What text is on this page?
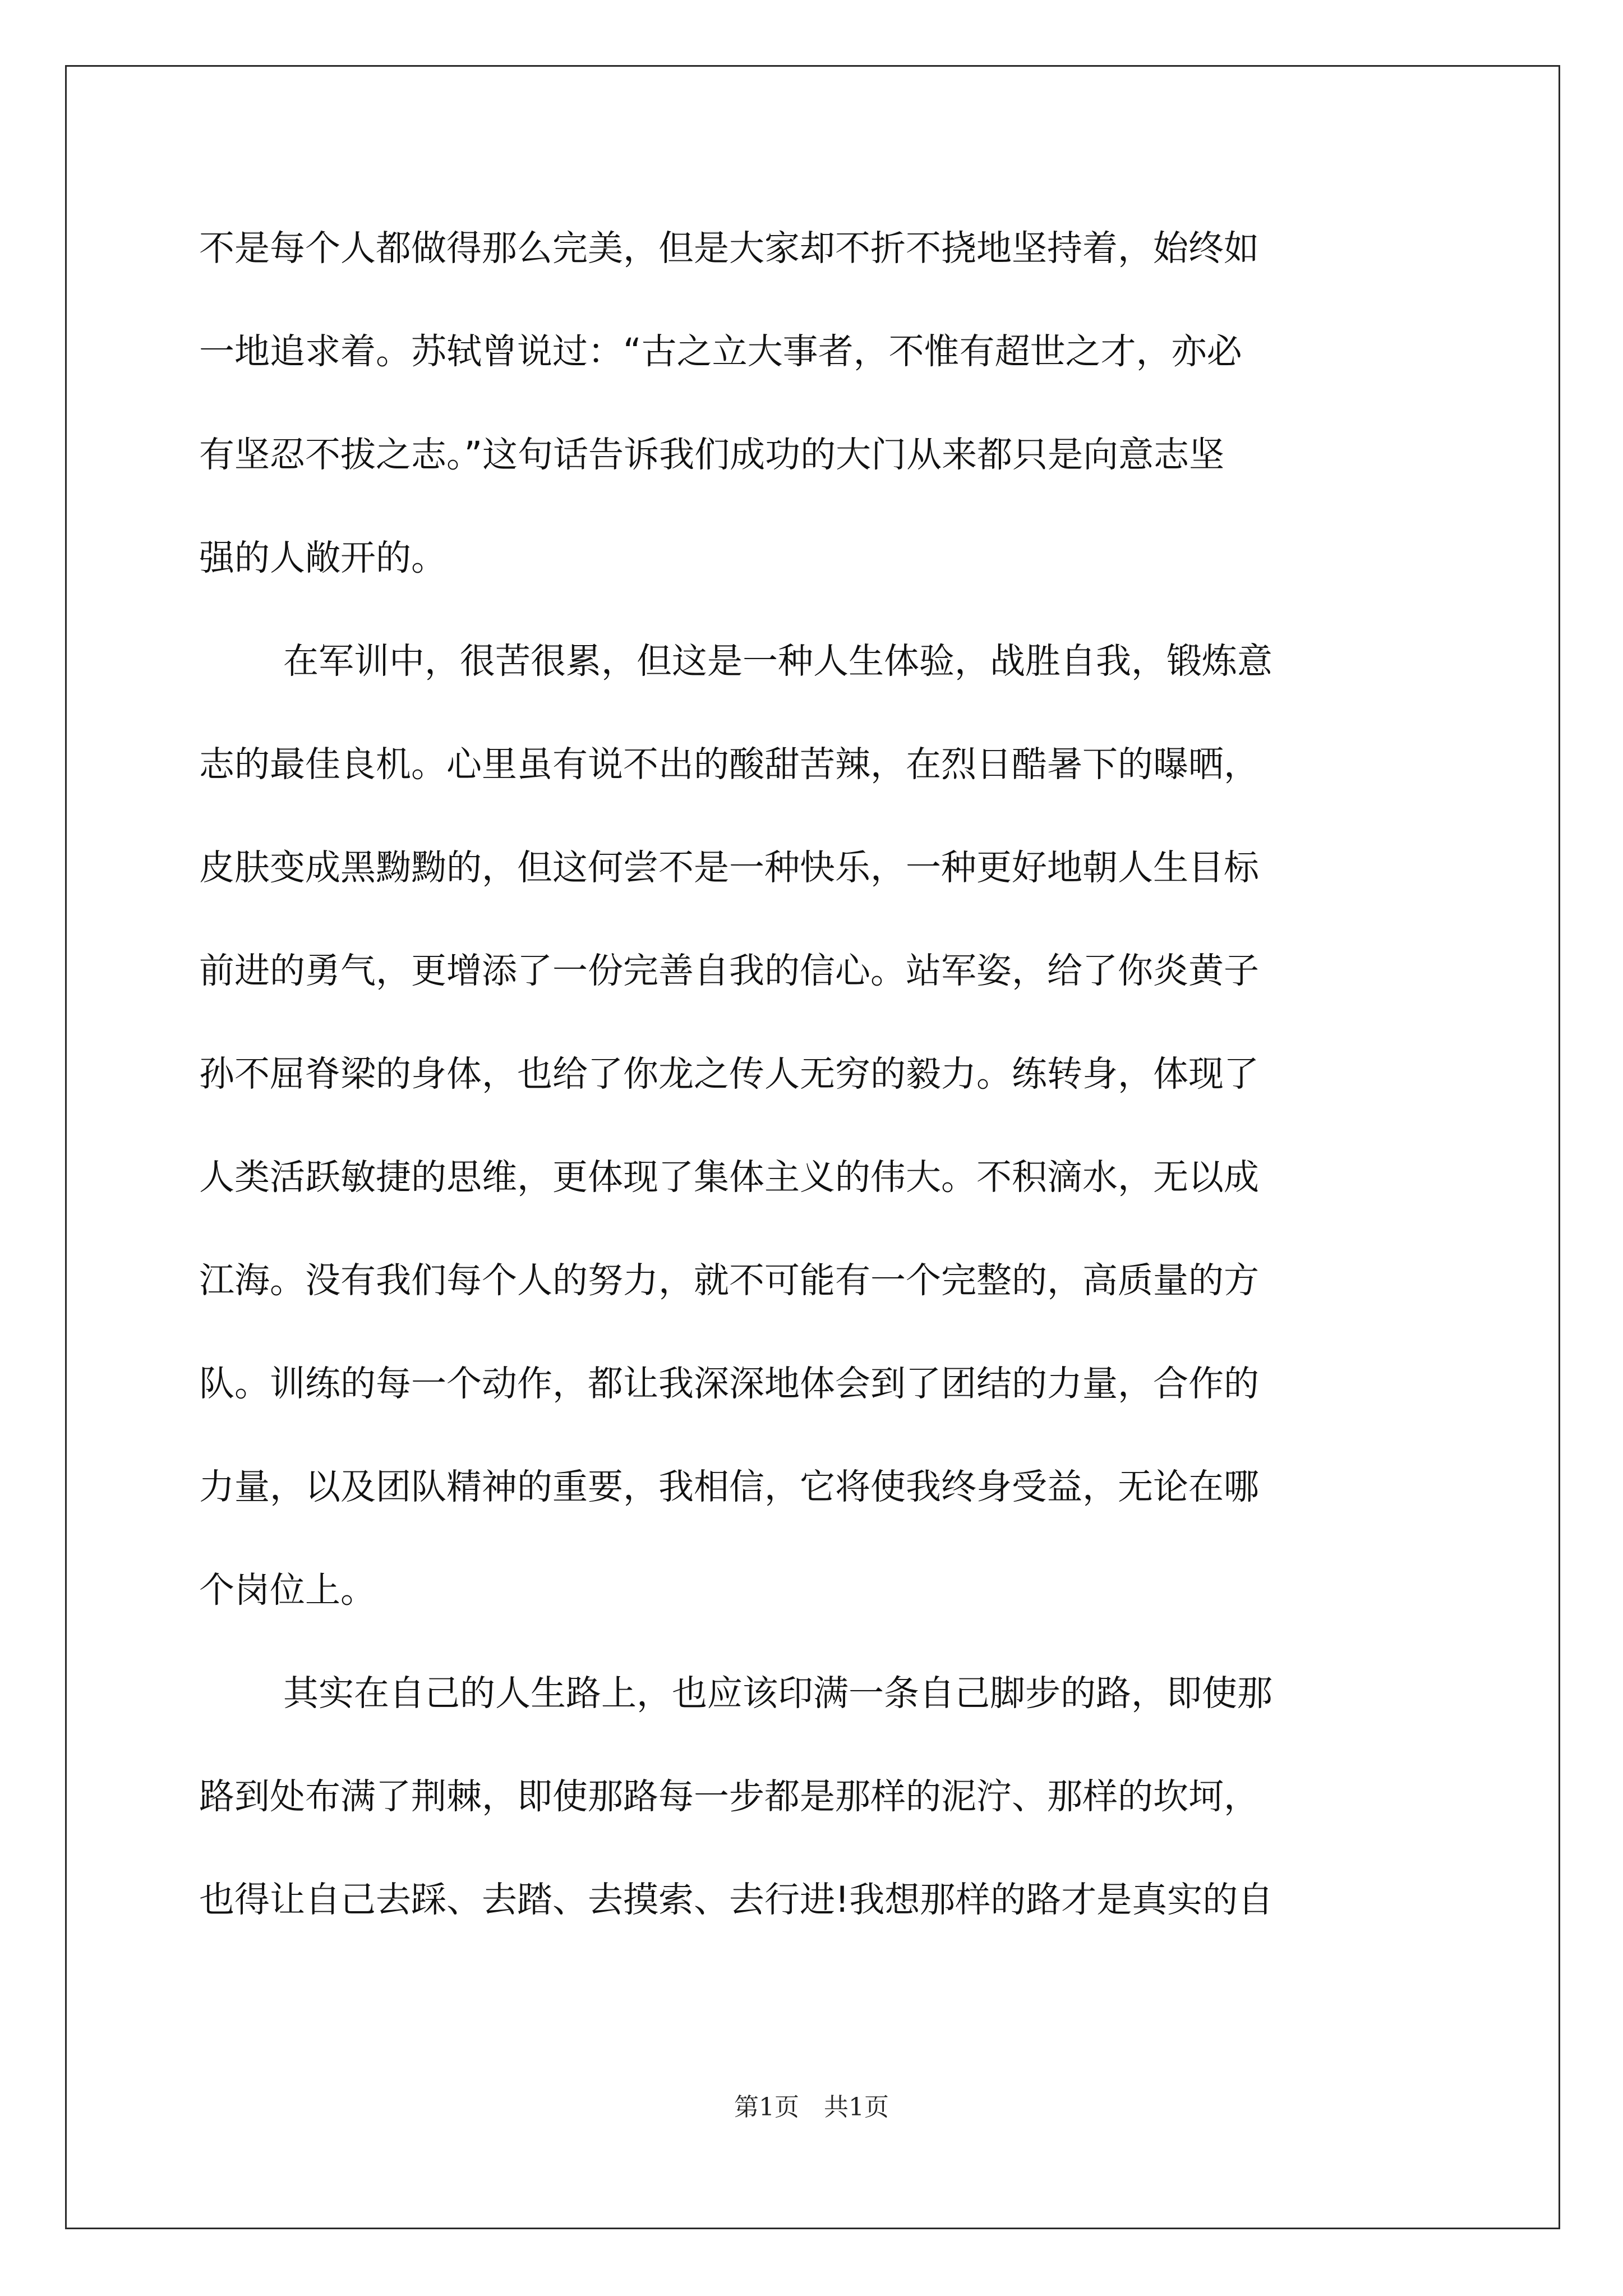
不是每个人都做得那么完美，但是大家却不折不挠地坚持着，始终如
一地追求着。苏轼曾说过：“古之立大事者，不惟有超世之才，亦必
有坚忍不拔之志。”这句话告诉我们成功的大门从来都只是向意志坚
强的人敞开的。
在军训中，很苦很累，但这是一种人生体验，战胜自我，锻炼意
志的最佳良机。心里虽有说不出的酸甜苦辣，在烈日酷暑下的曝晒，
皮肤变成黑黝黝的，但这何尝不是一种快乐，一种更好地朝人生目标
前进的勇气，更增添了一份完善自我的信心。站军姿，给了你炎黄子
孙不屈脊梁的身体，也给了你龙之传人无穷的毅力。练转身，体现了
人类活跃敏捷的思维，更体现了集体主义的伟大。不积滴水，无以成
江海。没有我们每个人的努力，就不可能有一个完整的，高质量的方
队。训练的每一个动作，都让我深深地体会到了团结的力量，合作的
力量，以及团队精神的重要，我相信，它将使我终身受益，无论在哪
个岗位上。
其实在自己的人生路上，也应该印满一条自己脚步的路，即使那
路到处布满了荆棘，即使那路每一步都是那样的泥泞、那样的坎坷，
也得让自己去踩、去踏、去摸索、去行进!我想那样的路才是真实的自
第1页　共1页
